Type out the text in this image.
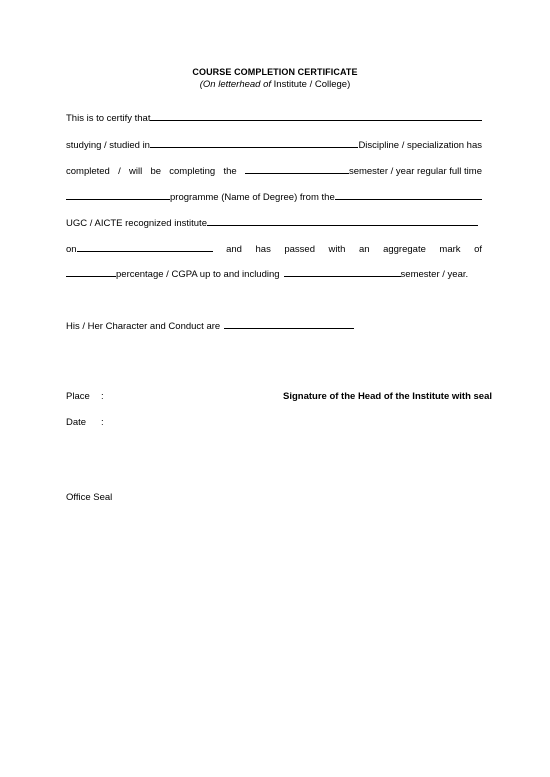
COURSE COMPLETION CERTIFICATE
(On letterhead of Institute / College)
This is to certify that
studying / studied in	Discipline / specialization has
completed / will be completing the	semester / year regular full time
programme (Name of Degree) from the
UGC / AICTE recognized institute
on	and has passed with an aggregate mark of
percentage / CGPA up to and including	semester / year.
His / Her Character and Conduct are
Place :	Signature of the Head of the Institute with seal
Date :
Office Seal
